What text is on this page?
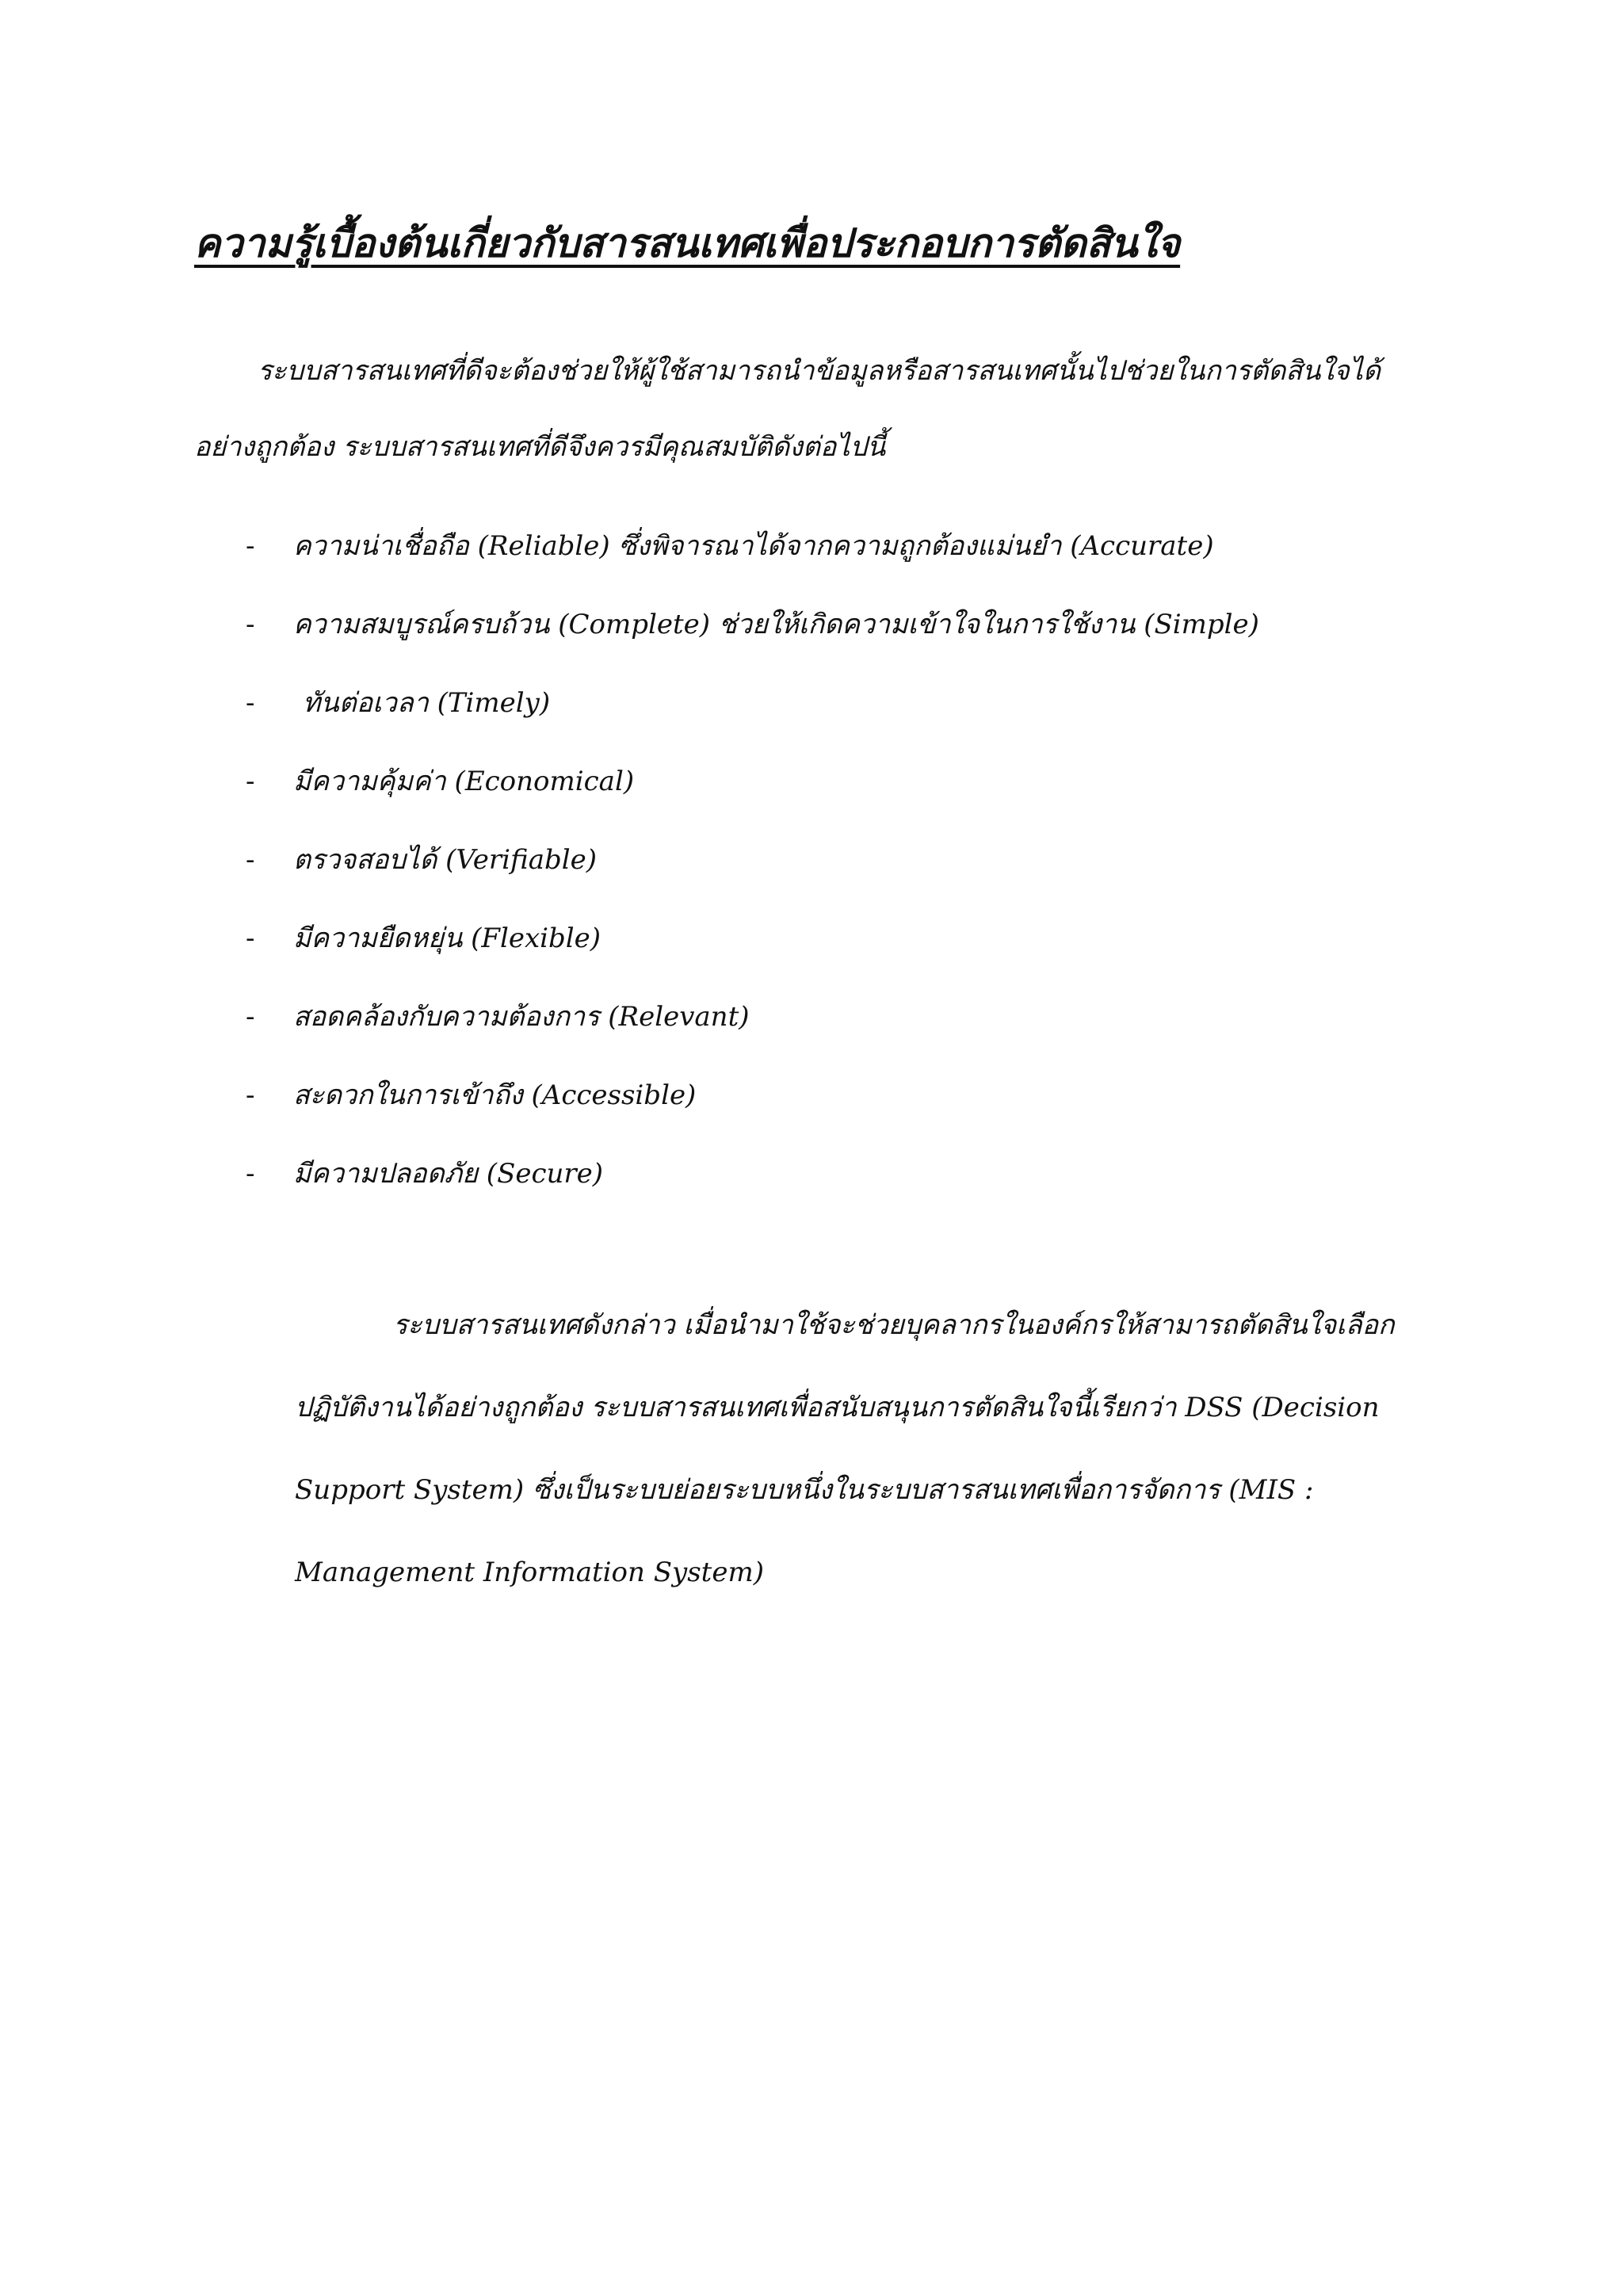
ความรู้เบื้องต้นเกี่ยวกับสารสนเทศเพื่อประกอบการตัดสินใจ

ระบบสารสนเทศที่ดีจะต้องช่วยให้ผู้ใช้สามารถนำข้อมูลหรือสารสนเทศนั้นไปช่วยในการตัดสินใจได้อย่างถูกต้อง ระบบสารสนเทศที่ดีจึงควรมีคุณสมบัติดังต่อไปนี้

-	ความน่าเชื่อถือ (Reliable) ซึ่งพิจารณาได้จากความถูกต้องแม่นยำ (Accurate)
-	ความสมบูรณ์ครบถ้วน (Complete) ช่วยให้เกิดความเข้าใจในการใช้งาน (Simple)
-	ทันต่อเวลา (Timely)
-	มีความคุ้มค่า (Economical)
-	ตรวจสอบได้ (Verifiable)
-	มีความยืดหยุ่น (Flexible)
-	สอดคล้องกับความต้องการ (Relevant)
-	สะดวกในการเข้าถึง (Accessible)
-	มีความปลอดภัย (Secure)

ระบบสารสนเทศดังกล่าว เมื่อนำมาใช้จะช่วยบุคลากรในองค์กรให้สามารถตัดสินใจเลือกปฏิบัติงานได้อย่างถูกต้อง ระบบสารสนเทศเพื่อสนับสนุนการตัดสินใจนี้เรียกว่า DSS (Decision Support System) ซึ่งเป็นระบบย่อยระบบหนึ่งในระบบสารสนเทศเพื่อการจัดการ (MIS : Management Information System)
